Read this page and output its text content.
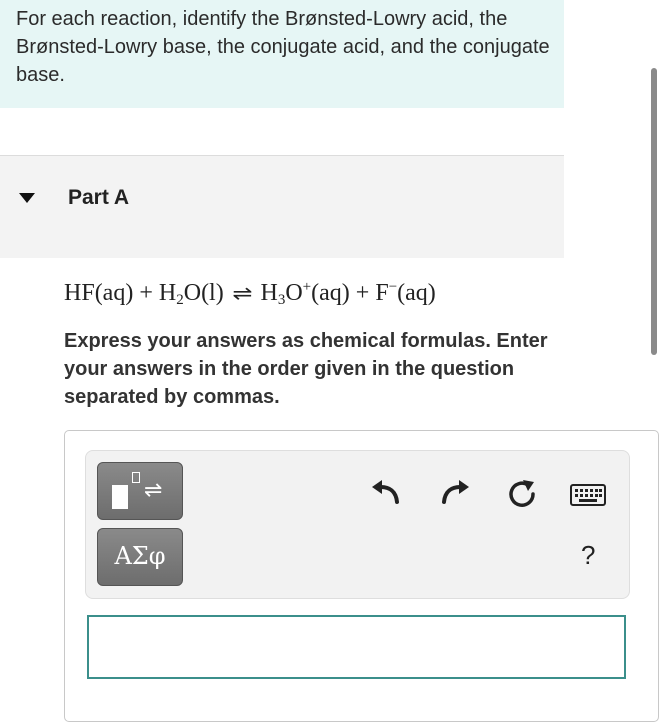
For each reaction, identify the Brønsted-Lowry acid, the Brønsted-Lowry base, the conjugate acid, and the conjugate base.

Part A
$HF(aq) + H_2O(l)$ ⇌ $H_3O^+(aq) + F^-(aq)$
Express your answers as chemical formulas. Enter your answers in the order given in the question separated by commas.
⇌
ΑΣφ	?
